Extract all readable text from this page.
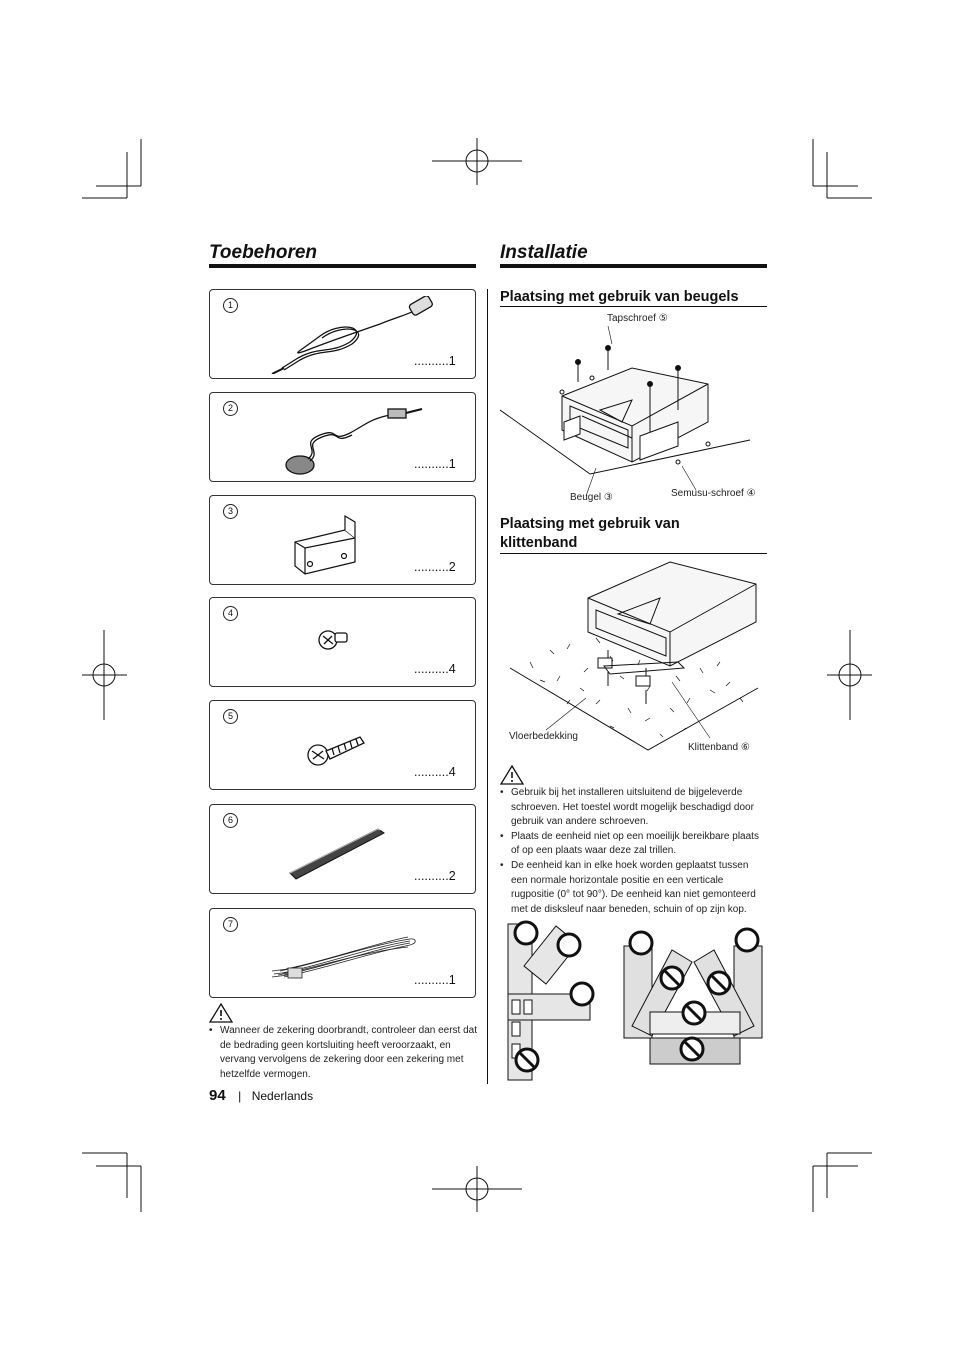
Toebehoren
1
..........1
2
..........1
3
..........2
4
..........4
5
..........4
6
..........2
7
..........1
• Wanneer de zekering doorbrandt, controleer dan eerst dat de bedrading geen kortsluiting heeft veroorzaakt, en vervang vervolgens de zekering door een zekering met hetzelfde vermogen.
94 | Nederlands
Installatie
Plaatsing met gebruik van beugels
Tapschroef ⑤
Beugel ③	Semusu-schroef ④
Plaatsing met gebruik van klittenband
Vloerbedekking
Klittenband ⑥
• Gebruik bij het installeren uitsluitend de bijgeleverde schroeven. Het toestel wordt mogelijk beschadigd door gebruik van andere schroeven.
• Plaats de eenheid niet op een moeilijk bereikbare plaats of op een plaats waar deze zal trillen.
• De eenheid kan in elke hoek worden geplaatst tussen een normale horizontale positie en een verticale rugpositie (0° tot 90°). De eenheid kan niet gemonteerd met de disksleuf naar beneden, schuin of op zijn kop.
